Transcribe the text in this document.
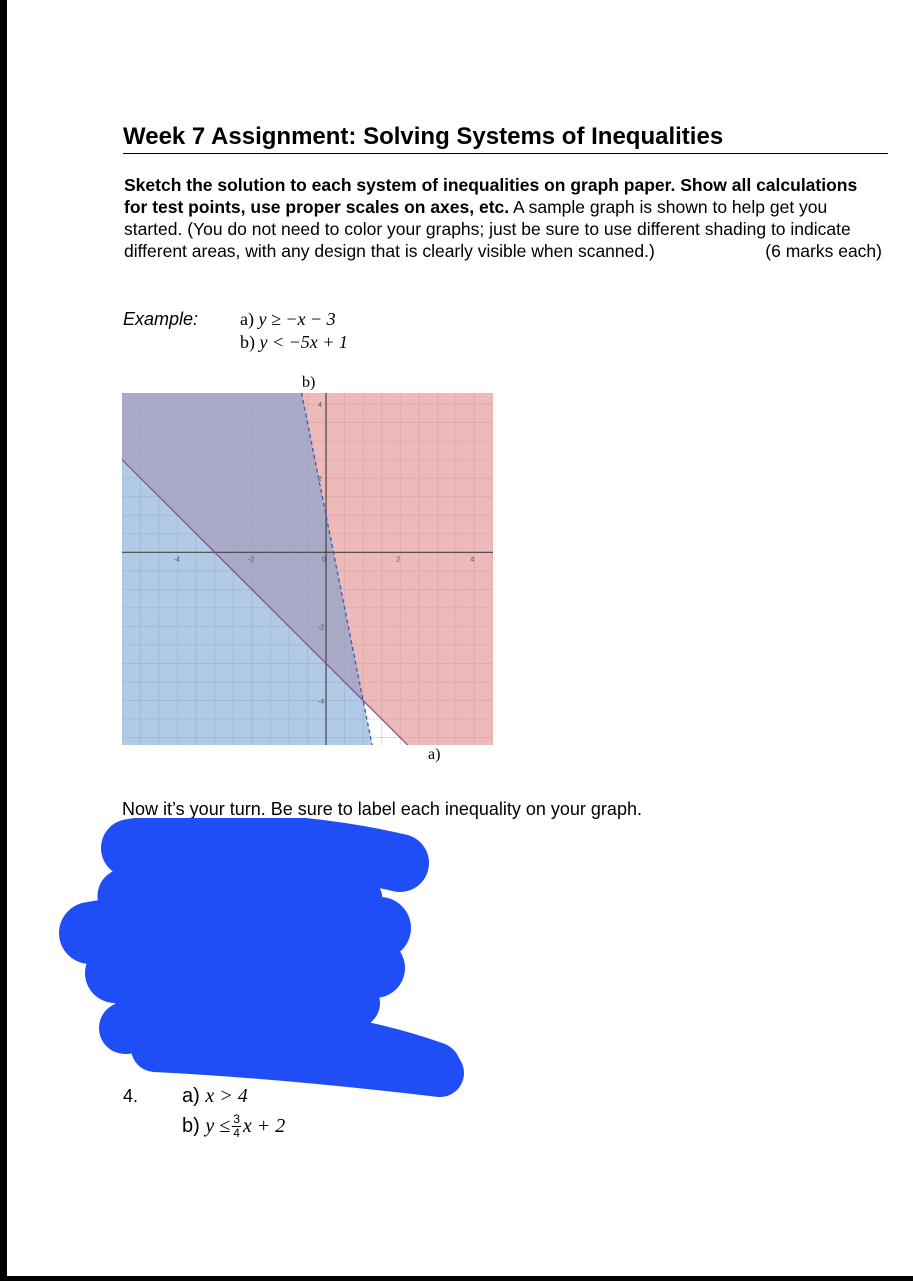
Week 7 Assignment: Solving Systems of Inequalities
Sketch the solution to each system of inequalities on graph paper. Show all calculations for test points, use proper scales on axes, etc. A sample graph is shown to help get you started. (You do not need to color your graphs; just be sure to use different shading to indicate different areas, with any design that is clearly visible when scanned.)	(6 marks each)
Example: a) y ≥ −x − 3
b) y < −5x + 1
b)
-4	-2	0	2	4
4
2
-2
-4
a)
Now it’s your turn. Be sure to label each inequality on your graph.
4. a) x > 4
b) $y \le \frac{3}{4}$ x + 2
